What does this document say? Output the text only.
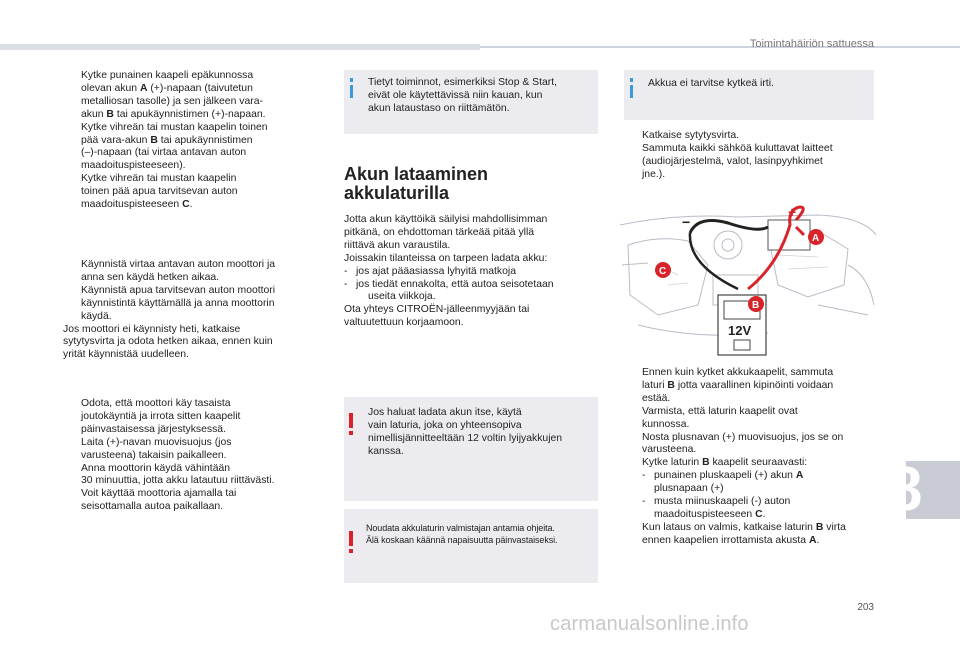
Toimintahäiriön sattuessa
Kytke punainen kaapeli epäkunnossa
olevan akun A (+)-napaan (taivutetun
metalliosan tasolle) ja sen jälkeen vara-
akun B tai apukäynnistimen (+)-napaan.
Kytke vihreän tai mustan kaapelin toinen
pää vara-akun B tai apukäynnistimen
(–)-napaan (tai virtaa antavan auton
maadoituspisteeseen).
Kytke vihreän tai mustan kaapelin
toinen pää apua tarvitsevan auton
maadoituspisteeseen C.
Käynnistä virtaa antavan auton moottori ja
anna sen käydä hetken aikaa.
Käynnistä apua tarvitsevan auton moottori
käynnistintä käyttämällä ja anna moottorin
käydä.
Jos moottori ei käynnisty heti, katkaise
sytytysvirta ja odota hetken aikaa, ennen kuin
yrität käynnistää uudelleen.
Odota, että moottori käy tasaista
joutokäyntiä ja irrota sitten kaapelit
päinvastaisessa järjestyksessä.
Laita (+)-navan muovisuojus (jos
varusteena) takaisin paikalleen.
Anna moottorin käydä vähintään
30 minuuttia, jotta akku latautuu riittävästi.
Voit käyttää moottoria ajamalla tai
seisottamalla autoa paikallaan.
Tietyt toiminnot, esimerkiksi Stop & Start,
eivät ole käytettävissä niin kauan, kun
akun lataustaso on riittämätön.
Akun lataaminen
akkulaturilla
Jotta akun käyttöikä säilyisi mahdollisimman
pitkänä, on ehdottoman tärkeää pitää yllä
riittävä akun varaustila.
Joissakin tilanteissa on tarpeen ladata akku:
- jos ajat pääasiassa lyhyitä matkoja
- jos tiedät ennakolta, että autoa seisotetaan
useita viikkoja.
Ota yhteys CITROËN-jälleenmyyjään tai
valtuutettuun korjaamoon.
Jos haluat ladata akun itse, käytä
vain laturia, joka on yhteensopiva
nimellisjännitteeltään 12 voltin lyijyakkujen
kanssa.
Noudata akkulaturin valmistajan antamia ohjeita.
Älä koskaan käännä napaisuutta päinvastaiseksi.
Akkua ei tarvitse kytkeä irti.
Katkaise sytytysvirta.
Sammuta kaikki sähköä kuluttavat laitteet
(audiojärjestelmä, valot, lasinpyyhkimet
jne.).
+
−
12V
A
B
C
Ennen kuin kytket akkukaapelit, sammuta
laturi B jotta vaarallinen kipinöinti voidaan
estää.
Varmista, että laturin kaapelit ovat
kunnossa.
Nosta plusnavan (+) muovisuojus, jos se on
varusteena.
Kytke laturin B kaapelit seuraavasti:
- punainen pluskaapeli (+) akun A
plusnapaan (+)
- musta miinuskaapeli (-) auton
maadoituspisteeseen C.
Kun lataus on valmis, katkaise laturin B virta
ennen kaapelien irrottamista akusta A.
8
203
carmanualsonline.info
